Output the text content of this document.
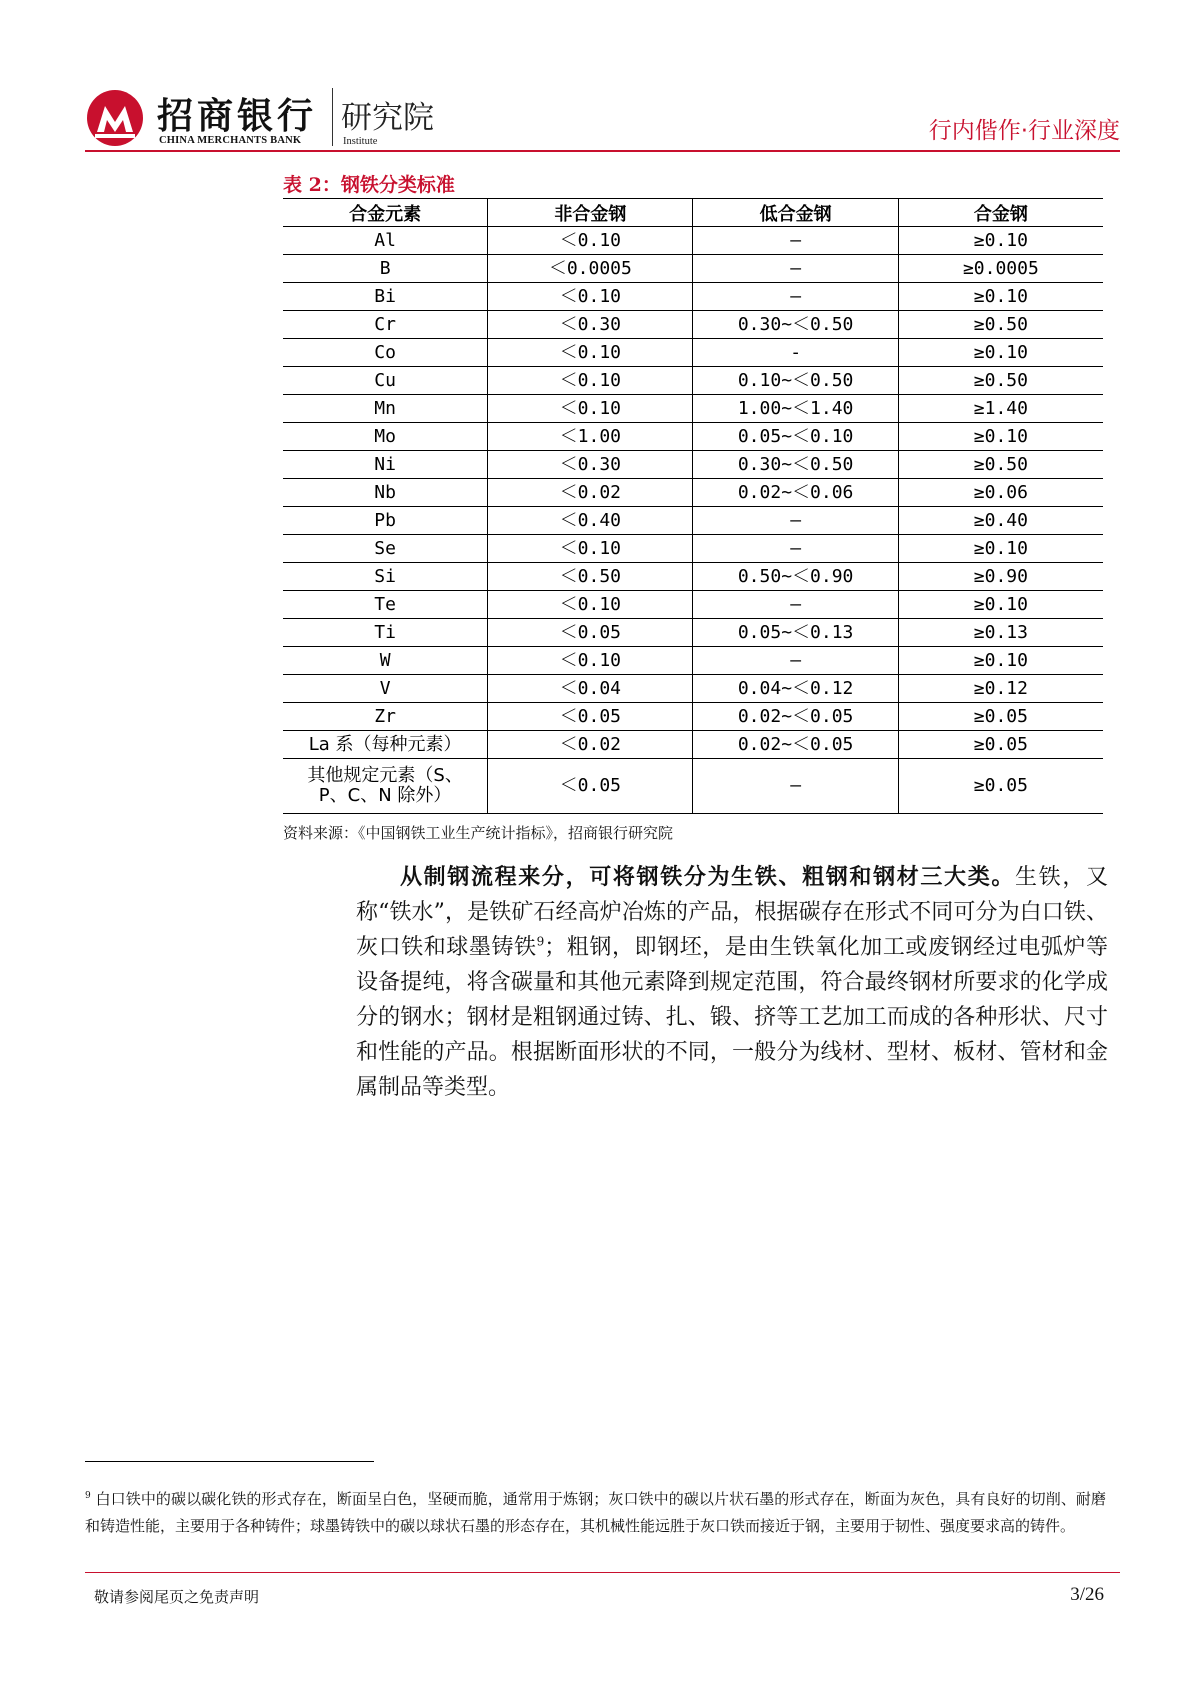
招商银行
CHINA MERCHANTS BANK
研究院
Institute	行内偕作·行业深度
表 2：钢铁分类标准
合金元素	非合金钢	低合金钢	合金钢
Al	＜0.10	—	≥0.10
B	＜0.0005	—	≥0.0005
Bi	＜0.10	—	≥0.10
Cr	＜0.30	0.30~＜0.50	≥0.50
Co	＜0.10	-	≥0.10
Cu	＜0.10	0.10~＜0.50	≥0.50
Mn	＜0.10	1.00~＜1.40	≥1.40
Mo	＜1.00	0.05~＜0.10	≥0.10
Ni	＜0.30	0.30~＜0.50	≥0.50
Nb	＜0.02	0.02~＜0.06	≥0.06
Pb	＜0.40	—	≥0.40
Se	＜0.10	—	≥0.10
Si	＜0.50	0.50~＜0.90	≥0.90
Te	＜0.10	—	≥0.10
Ti	＜0.05	0.05~＜0.13	≥0.13
W	＜0.10	—	≥0.10
V	＜0.04	0.04~＜0.12	≥0.12
Zr	＜0.05	0.02~＜0.05	≥0.05
La 系（每种元素）	＜0.02	0.02~＜0.05	≥0.05
其他规定元素（S、P、C、N 除外）	＜0.05	—	≥0.05
资料来源：《中国钢铁工业生产统计指标》，招商银行研究院
从制钢流程来分，可将钢铁分为生铁、粗钢和钢材三大类。生铁，又称“铁水”，是铁矿石经高炉冶炼的产品，根据碳存在形式不同可分为白口铁、灰口铁和球墨铸铁$^9$；粗钢，即钢坯，是由生铁氧化加工或废钢经过电弧炉等设备提纯，将含碳量和其他元素降到规定范围，符合最终钢材所要求的化学成分的钢水；钢材是粗钢通过铸、扎、锻、挤等工艺加工而成的各种形状、尺寸和性能的产品。根据断面形状的不同，一般分为线材、型材、板材、管材和金属制品等类型。
$^9$ 白口铁中的碳以碳化铁的形式存在，断面呈白色，坚硬而脆，通常用于炼钢；灰口铁中的碳以片状石墨的形式存在，断面为灰色，具有良好的切削、耐磨和铸造性能，主要用于各种铸件；球墨铸铁中的碳以球状石墨的形态存在，其机械性能远胜于灰口铁而接近于钢，主要用于韧性、强度要求高的铸件。
敬请参阅尾页之免责声明	3/26
